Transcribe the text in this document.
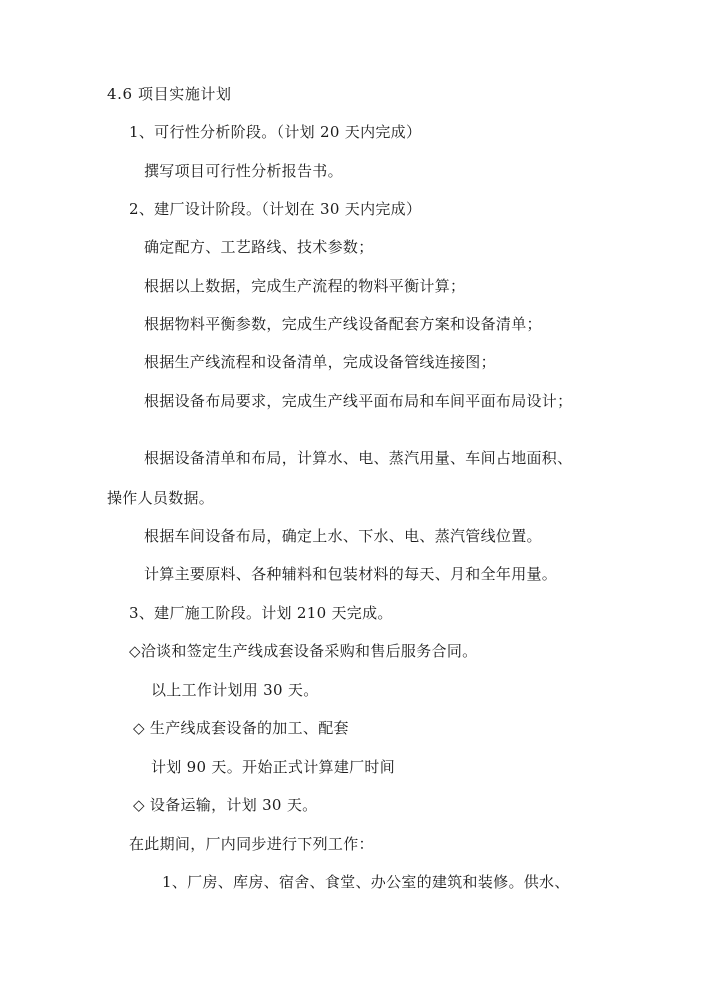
4.6 项目实施计划
1、可行性分析阶段。（计划 20 天内完成）
撰写项目可行性分析报告书。
2、建厂设计阶段。（计划在 30 天内完成）
确定配方、工艺路线、技术参数；
根据以上数据，完成生产流程的物料平衡计算；
根据物料平衡参数，完成生产线设备配套方案和设备清单；
根据生产线流程和设备清单，完成设备管线连接图；
根据设备布局要求，完成生产线平面布局和车间平面布局设计；
根据设备清单和布局，计算水、电、蒸汽用量、车间占地面积、
操作人员数据。
根据车间设备布局，确定上水、下水、电、蒸汽管线位置。
计算主要原料、各种辅料和包装材料的每天、月和全年用量。
3、建厂施工阶段。计划 210 天完成。
◇洽谈和签定生产线成套设备采购和售后服务合同。
以上工作计划用 30 天。
◇ 生产线成套设备的加工、配套
计划 90 天。开始正式计算建厂时间
◇ 设备运输，计划 30 天。
在此期间，厂内同步进行下列工作：
1、厂房、库房、宿舍、食堂、办公室的建筑和装修。供水、
